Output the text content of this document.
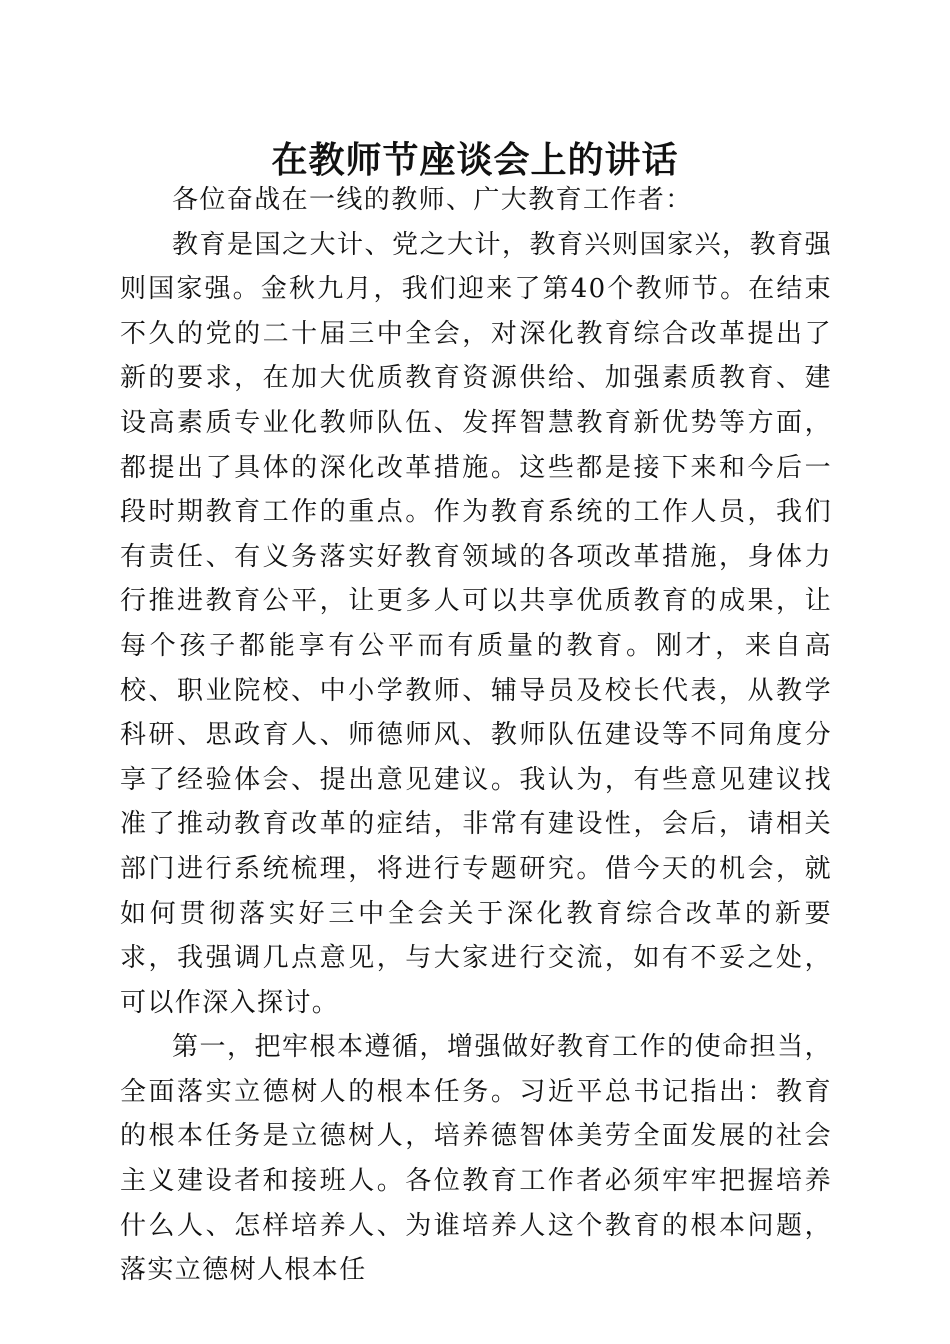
在教师节座谈会上的讲话

各位奋战在一线的教师、广大教育工作者：

教育是国之大计、党之大计，教育兴则国家兴，教育强则国家强。金秋九月，我们迎来了第40个教师节。在结束不久的党的二十届三中全会，对深化教育综合改革提出了新的要求，在加大优质教育资源供给、加强素质教育、建设高素质专业化教师队伍、发挥智慧教育新优势等方面，都提出了具体的深化改革措施。这些都是接下来和今后一段时期教育工作的重点。作为教育系统的工作人员，我们有责任、有义务落实好教育领域的各项改革措施，身体力行推进教育公平，让更多人可以共享优质教育的成果，让每个孩子都能享有公平而有质量的教育。刚才，来自高校、职业院校、中小学教师、辅导员及校长代表，从教学科研、思政育人、师德师风、教师队伍建设等不同角度分享了经验体会、提出意见建议。我认为，有些意见建议找准了推动教育改革的症结，非常有建设性，会后，请相关部门进行系统梳理，将进行专题研究。借今天的机会，就如何贯彻落实好三中全会关于深化教育综合改革的新要求，我强调几点意见，与大家进行交流，如有不妥之处，可以作深入探讨。

第一，把牢根本遵循，增强做好教育工作的使命担当，全面落实立德树人的根本任务。习近平总书记指出：教育的根本任务是立德树人，培养德智体美劳全面发展的社会主义建设者和接班人。各位教育工作者必须牢牢把握培养什么人、怎样培养人、为谁培养人这个教育的根本问题，落实立德树人根本任
